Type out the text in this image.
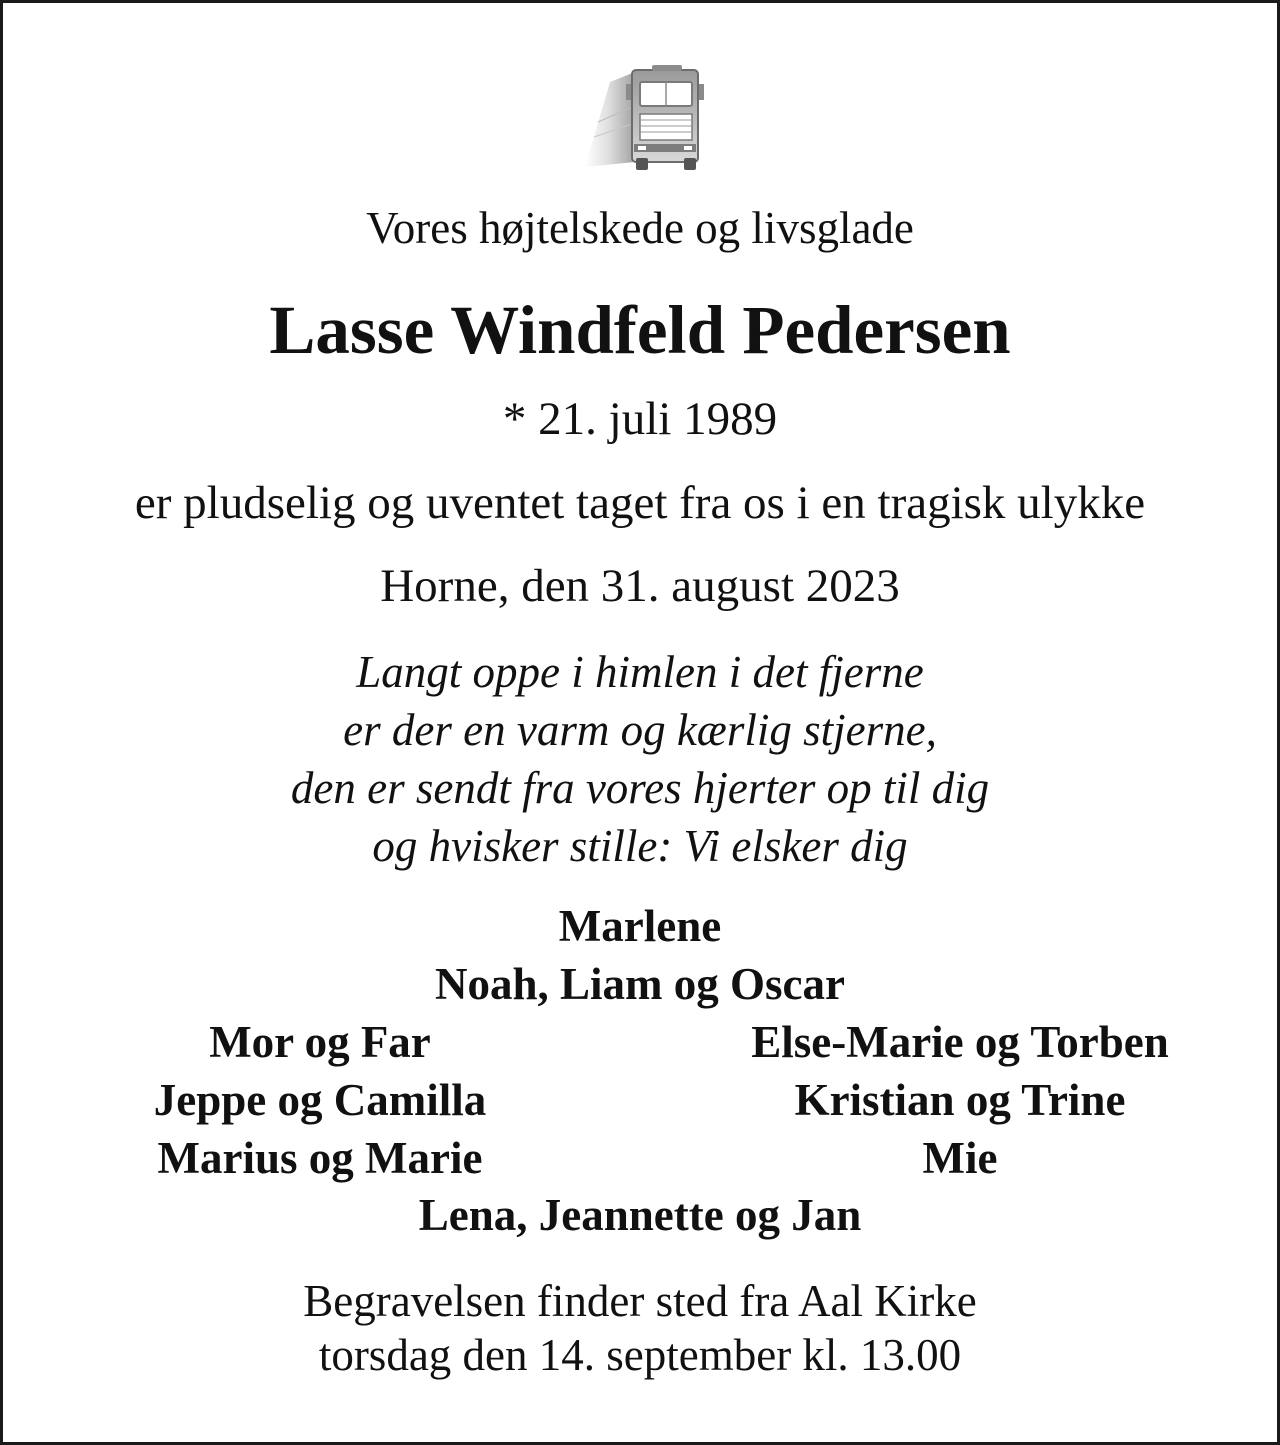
Vores højtelskede og livsglade
Lasse Windfeld Pedersen
* 21. juli 1989
er pludselig og uventet taget fra os i en tragisk ulykke
Horne, den 31. august 2023
Langt oppe i himlen i det fjerne
er der en varm og kærlig stjerne,
den er sendt fra vores hjerter op til dig
og hvisker stille: Vi elsker dig
Marlene
Noah, Liam og Oscar
Mor og Far
Jeppe og Camilla
Marius og Marie
Else-Marie og Torben
Kristian og Trine
Mie
Lena, Jeannette og Jan
Begravelsen finder sted fra Aal Kirke
torsdag den 14. september kl. 13.00
